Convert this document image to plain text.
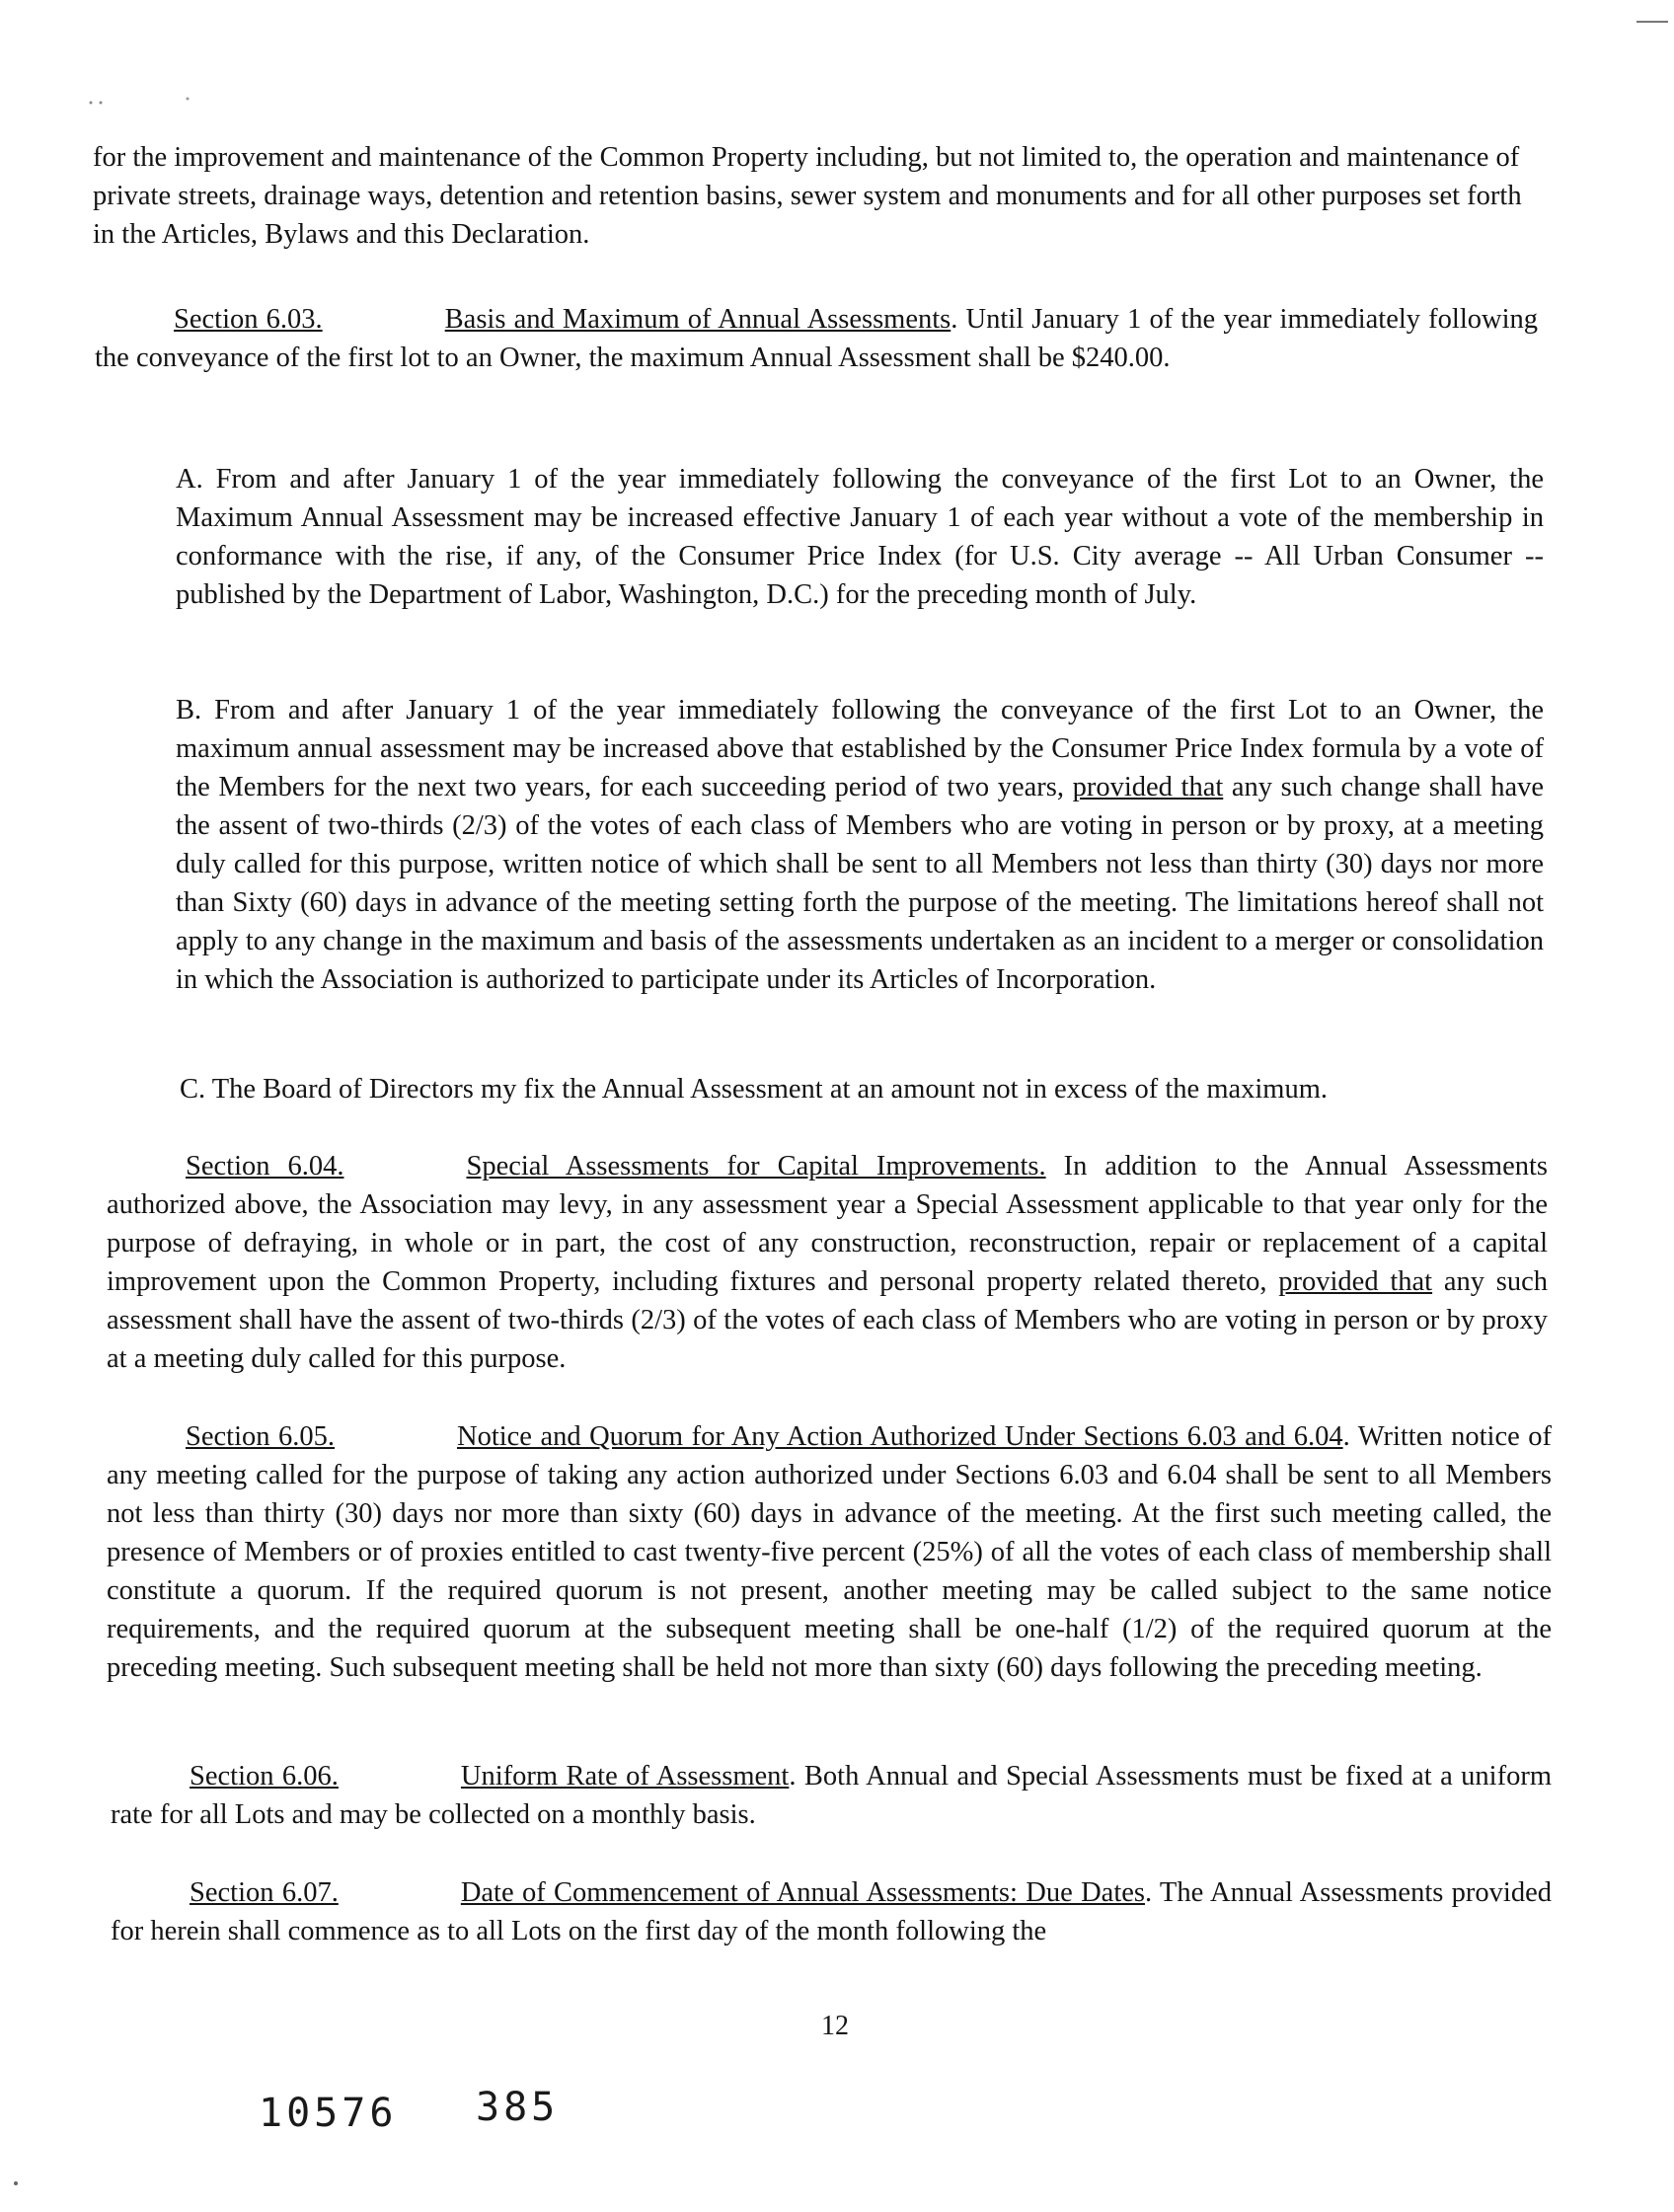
for the improvement and maintenance of the Common Property including, but not limited to, the operation and maintenance of private streets, drainage ways, detention and retention basins, sewer system and monuments and for all other purposes set forth in the Articles, Bylaws and this Declaration.

Section 6.03.	Basis and Maximum of Annual Assessments. Until January 1 of the year immediately following the conveyance of the first lot to an Owner, the maximum Annual Assessment shall be $240.00.

A. From and after January 1 of the year immediately following the conveyance of the first Lot to an Owner, the Maximum Annual Assessment may be increased effective January 1 of each year without a vote of the membership in conformance with the rise, if any, of the Consumer Price Index (for U.S. City average -- All Urban Consumer -- published by the Department of Labor, Washington, D.C.) for the preceding month of July.

B. From and after January 1 of the year immediately following the conveyance of the first Lot to an Owner, the maximum annual assessment may be increased above that established by the Consumer Price Index formula by a vote of the Members for the next two years, for each succeeding period of two years, provided that any such change shall have the assent of two-thirds (2/3) of the votes of each class of Members who are voting in person or by proxy, at a meeting duly called for this purpose, written notice of which shall be sent to all Members not less than thirty (30) days nor more than Sixty (60) days in advance of the meeting setting forth the purpose of the meeting. The limitations hereof shall not apply to any change in the maximum and basis of the assessments undertaken as an incident to a merger or consolidation in which the Association is authorized to participate under its Articles of Incorporation.

C. The Board of Directors my fix the Annual Assessment at an amount not in excess of the maximum.

Section 6.04.	Special Assessments for Capital Improvements. In addition to the Annual Assessments authorized above, the Association may levy, in any assessment year a Special Assessment applicable to that year only for the purpose of defraying, in whole or in part, the cost of any construction, reconstruction, repair or replacement of a capital improvement upon the Common Property, including fixtures and personal property related thereto, provided that any such assessment shall have the assent of two-thirds (2/3) of the votes of each class of Members who are voting in person or by proxy at a meeting duly called for this purpose.

Section 6.05.	Notice and Quorum for Any Action Authorized Under Sections 6.03 and 6.04. Written notice of any meeting called for the purpose of taking any action authorized under Sections 6.03 and 6.04 shall be sent to all Members not less than thirty (30) days nor more than sixty (60) days in advance of the meeting. At the first such meeting called, the presence of Members or of proxies entitled to cast twenty-five percent (25%) of all the votes of each class of membership shall constitute a quorum. If the required quorum is not present, another meeting may be called subject to the same notice requirements, and the required quorum at the subsequent meeting shall be one-half (1/2) of the required quorum at the preceding meeting. Such subsequent meeting shall be held not more than sixty (60) days following the preceding meeting.

Section 6.06.	Uniform Rate of Assessment. Both Annual and Special Assessments must be fixed at a uniform rate for all Lots and may be collected on a monthly basis.

Section 6.07.	Date of Commencement of Annual Assessments: Due Dates. The Annual Assessments provided for herein shall commence as to all Lots on the first day of the month following the

12
10576 385
